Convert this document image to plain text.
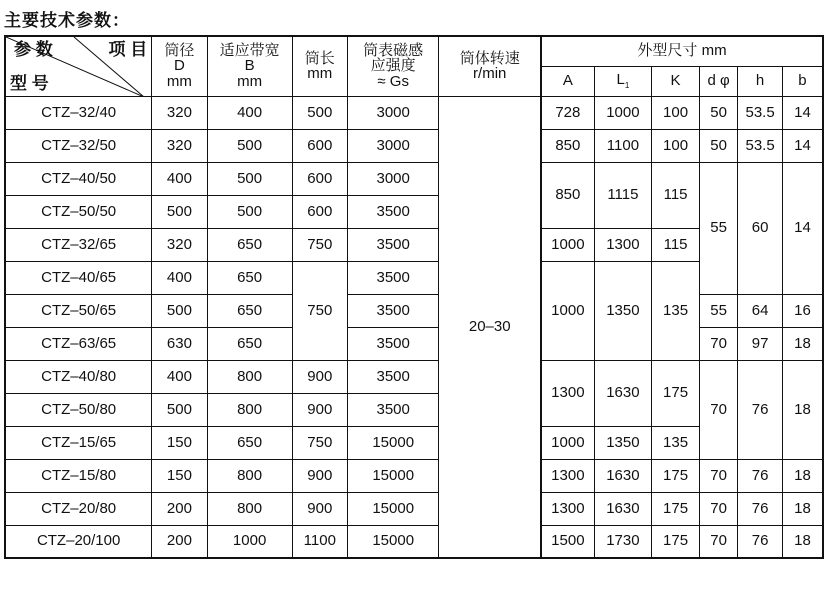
主要技术参数：
参 数 项 目
型 号	筒径
D
mm	适应带宽
B
mm	筒长
mm	筒表磁感
应强度
≈ Gs	筒体转速
r/min	外型尺寸 mm					
						A	$L_1$	K	d φ	h	b
CTZ–32/40	320	400	500	3000	20–30	728	1000	100	50	53.5	14
CTZ–32/50	320	500	600	3000		850	1100	100	50	53.5	14
CTZ–40/50	400	500	600	3000		850	1115	115	55	60	14
CTZ–50/50	500	500	600	3500							
CTZ–32/65	320	650	750	3500		1000	1300	115			
CTZ–40/65	400	650	750	3500		1000	1350	135			
CTZ–50/65	500	650		3500					55	64	16
CTZ–63/65	630	650		3500					70	97	18
CTZ–40/80	400	800	900	3500		1300	1630	175	70	76	18
CTZ–50/80	500	800	900	3500							
CTZ–15/65	150	650	750	15000		1000	1350	135			
CTZ–15/80	150	800	900	15000		1300	1630	175	70	76	18
CTZ–20/80	200	800	900	15000		1300	1630	175	70	76	18
CTZ–20/100	200	1000	1100	15000		1500	1730	175	70	76	18
